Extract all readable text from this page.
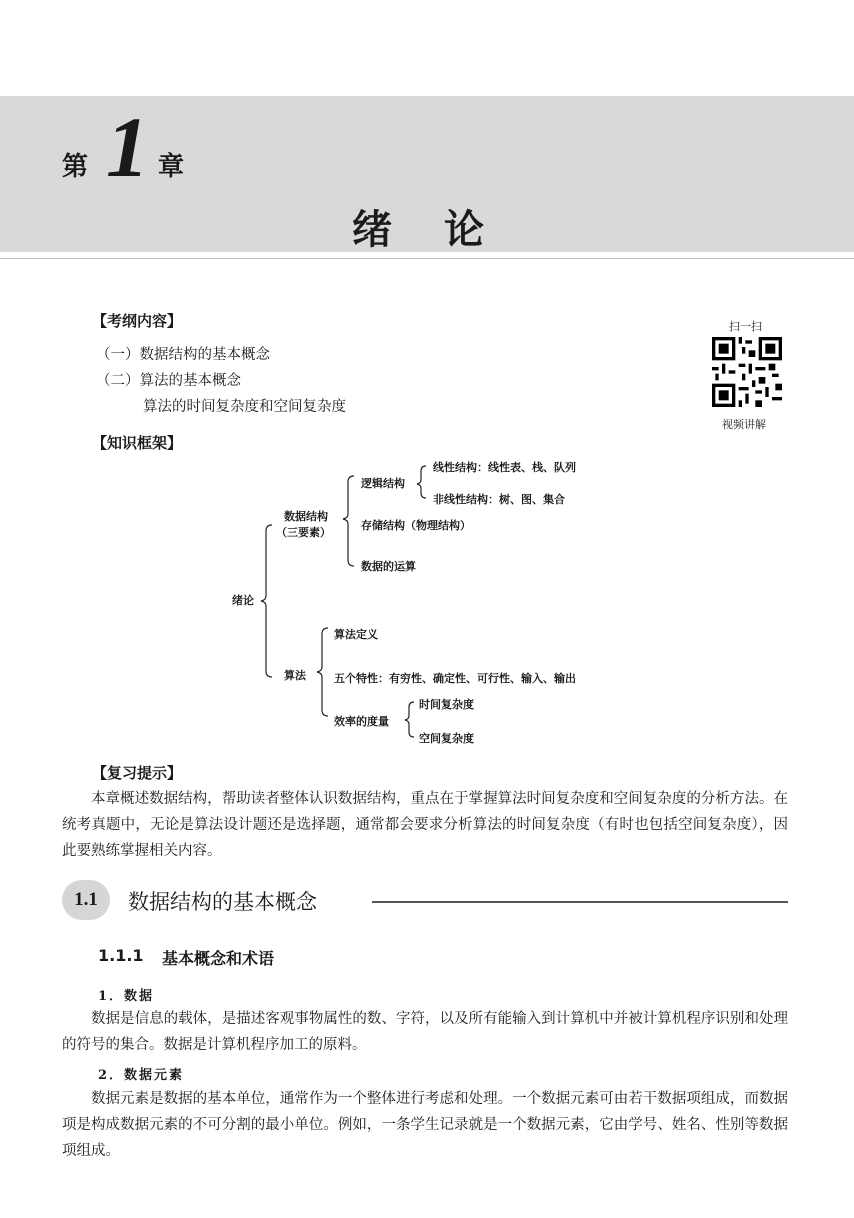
第 1 章
绪论
【考纲内容】
（一）数据结构的基本概念
（二）算法的基本概念
算法的时间复杂度和空间复杂度
扫一扫
视频讲解
【知识框架】
绪论
数据结构
（三要素）
逻辑结构
线性结构：线性表、栈、队列
非线性结构：树、图、集合
存储结构（物理结构）
数据的运算
算法
算法定义
五个特性：有穷性、确定性、可行性、输入、输出
效率的度量
时间复杂度
空间复杂度
【复习提示】
本章概述数据结构，帮助读者整体认识数据结构，重点在于掌握算法时间复杂度和空间复杂度的分析方法。在统考真题中，无论是算法设计题还是选择题，通常都会要求分析算法的时间复杂度（有时也包括空间复杂度），因此要熟练掌握相关内容。
1.1	数据结构的基本概念
1.1.1 基本概念和术语
1．数据
数据是信息的载体，是描述客观事物属性的数、字符，以及所有能输入到计算机中并被计算机程序识别和处理的符号的集合。数据是计算机程序加工的原料。
2．数据元素
数据元素是数据的基本单位，通常作为一个整体进行考虑和处理。一个数据元素可由若干数据项组成，而数据项是构成数据元素的不可分割的最小单位。例如，一条学生记录就是一个数据元素，它由学号、姓名、性别等数据项组成。
